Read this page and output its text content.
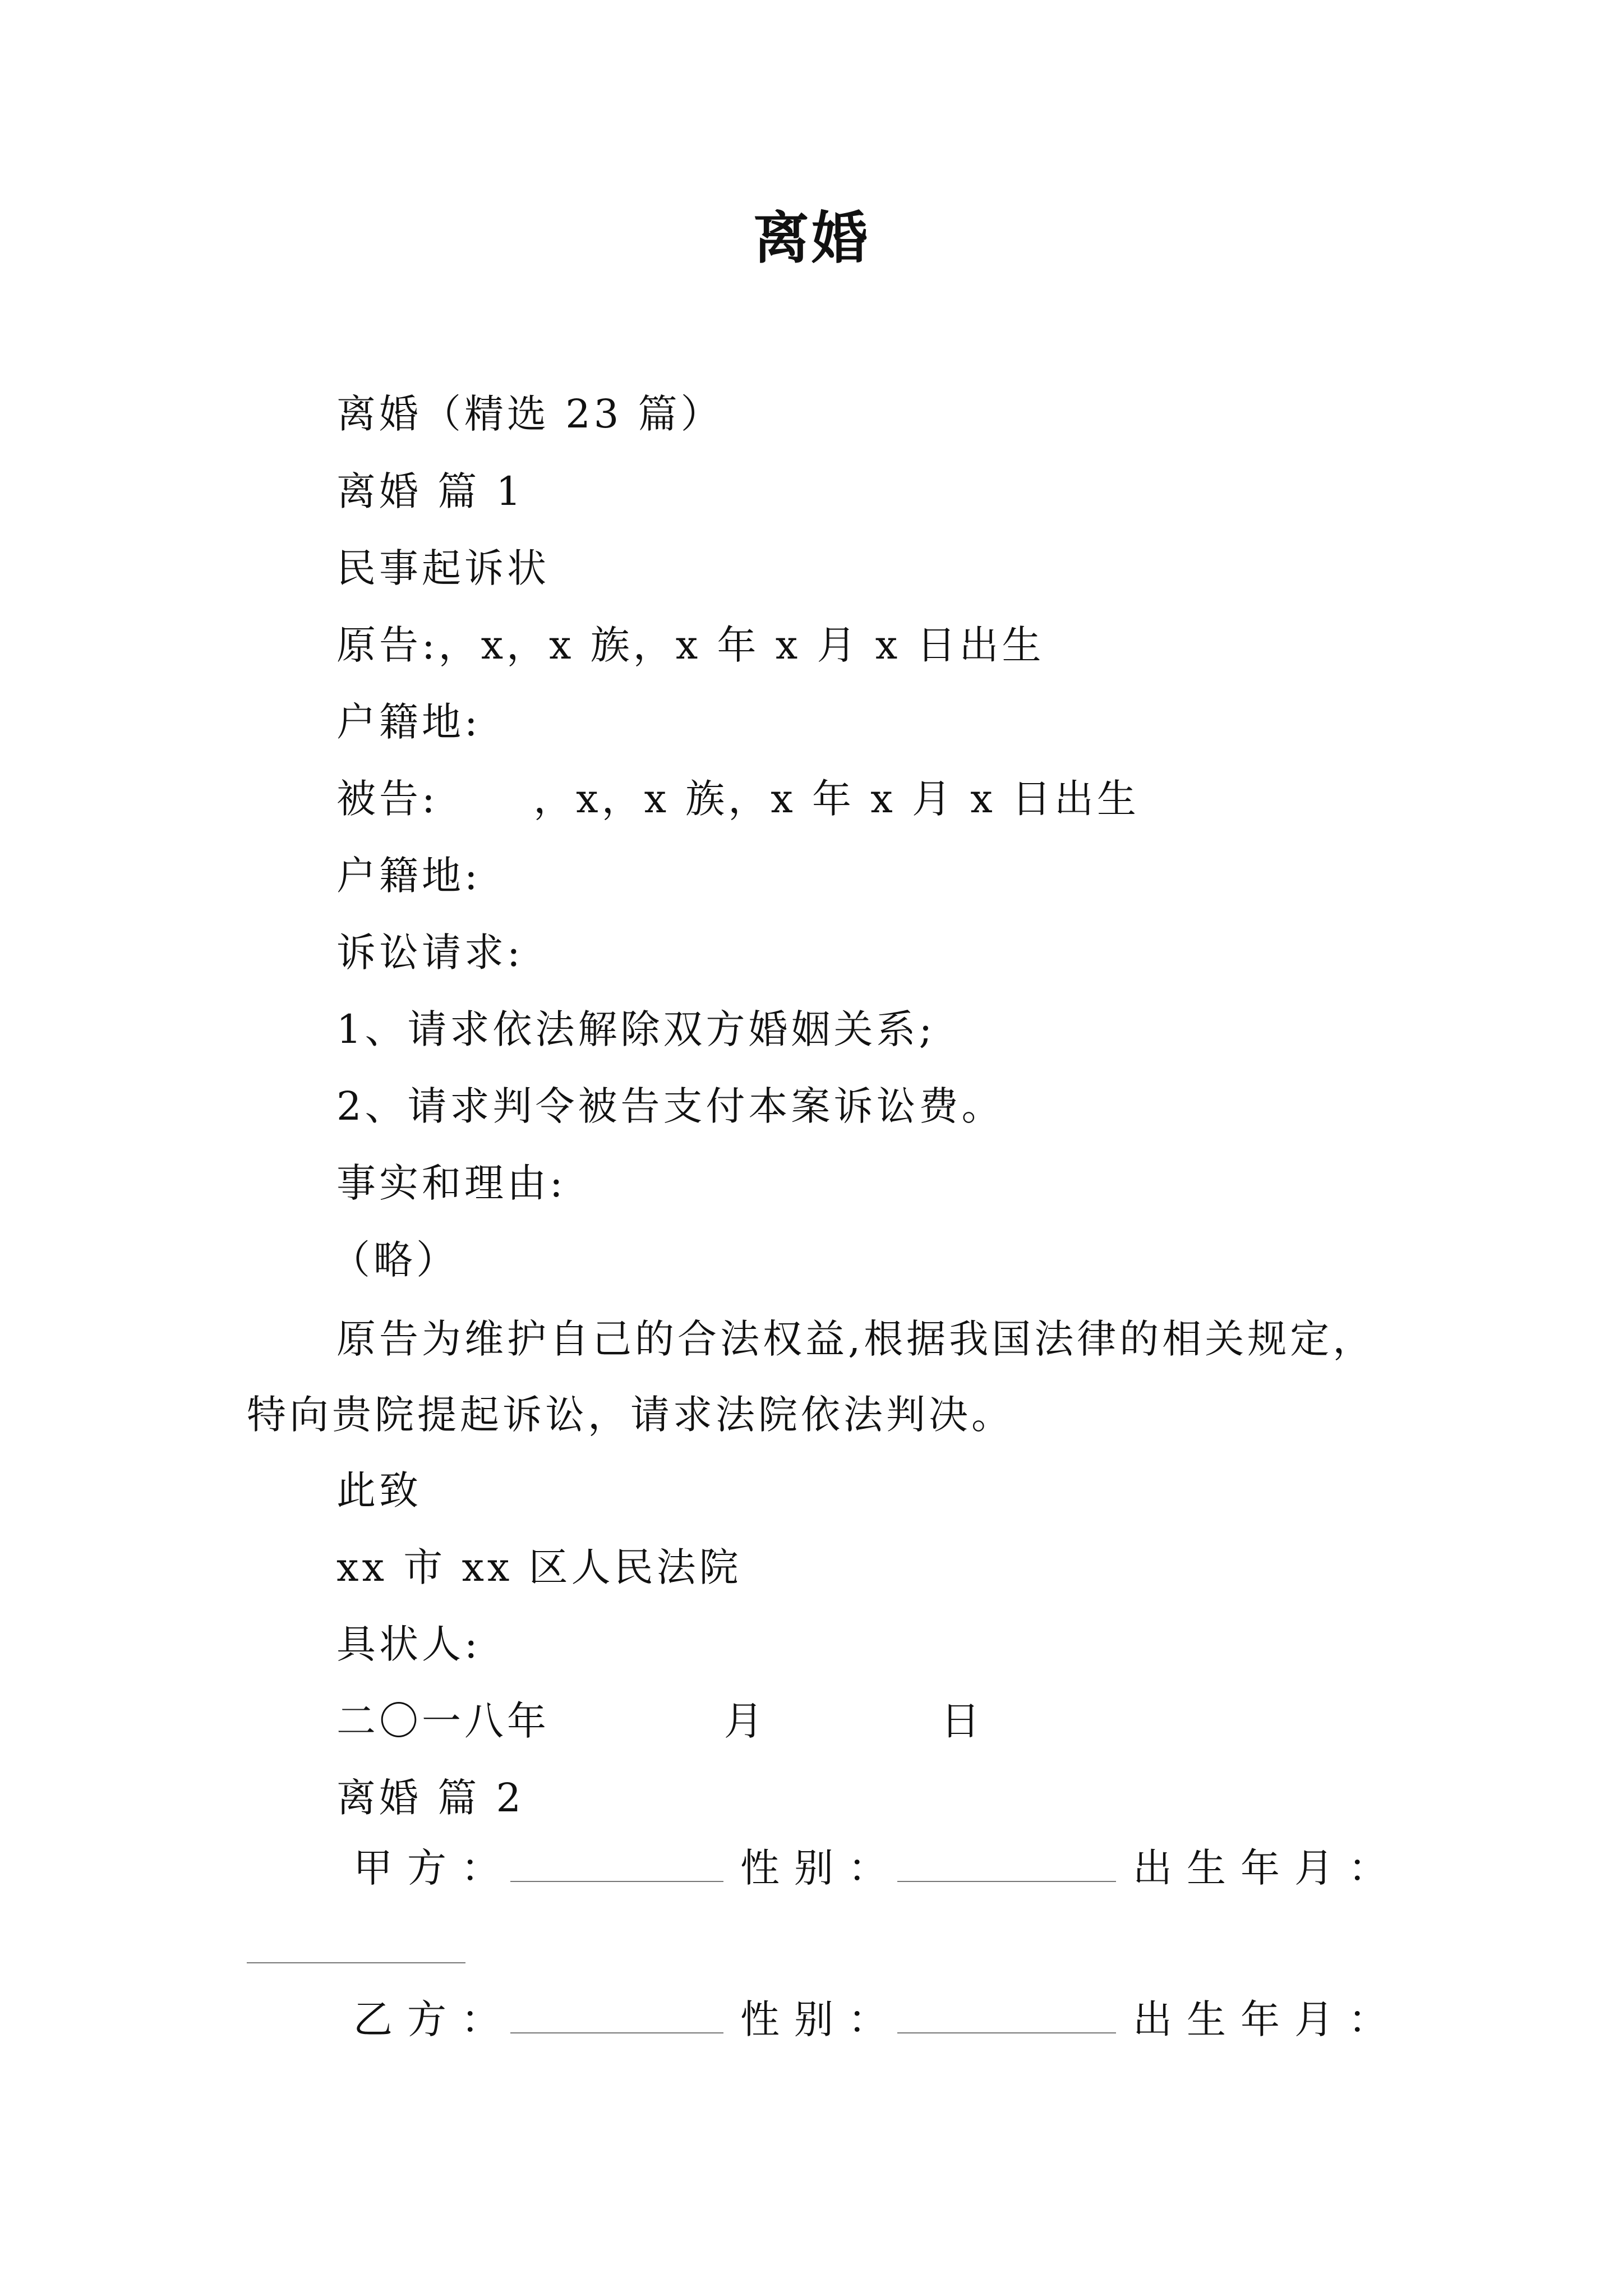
离婚
离婚（精选 23 篇）
离婚 篇 1
民事起诉状
原告:，x，x 族，x 年 x 月 x 日出生
户籍地:
被告:      ，x，x 族，x 年 x 月 x 日出生
户籍地:
诉讼请求:
1、请求依法解除双方婚姻关系;
2、请求判令被告支付本案诉讼费。
事实和理由:
（略）
原告为维护自己的合法权益,根据我国法律的相关规定，特向贵院提起诉讼，请求法院依法判决。
此致
xx 市 xx 区人民法院
具状人:
二〇一八年           月           日
离婚 篇 2
甲方：	性别：	出生年月：
乙方：	性别：	出生年月：
